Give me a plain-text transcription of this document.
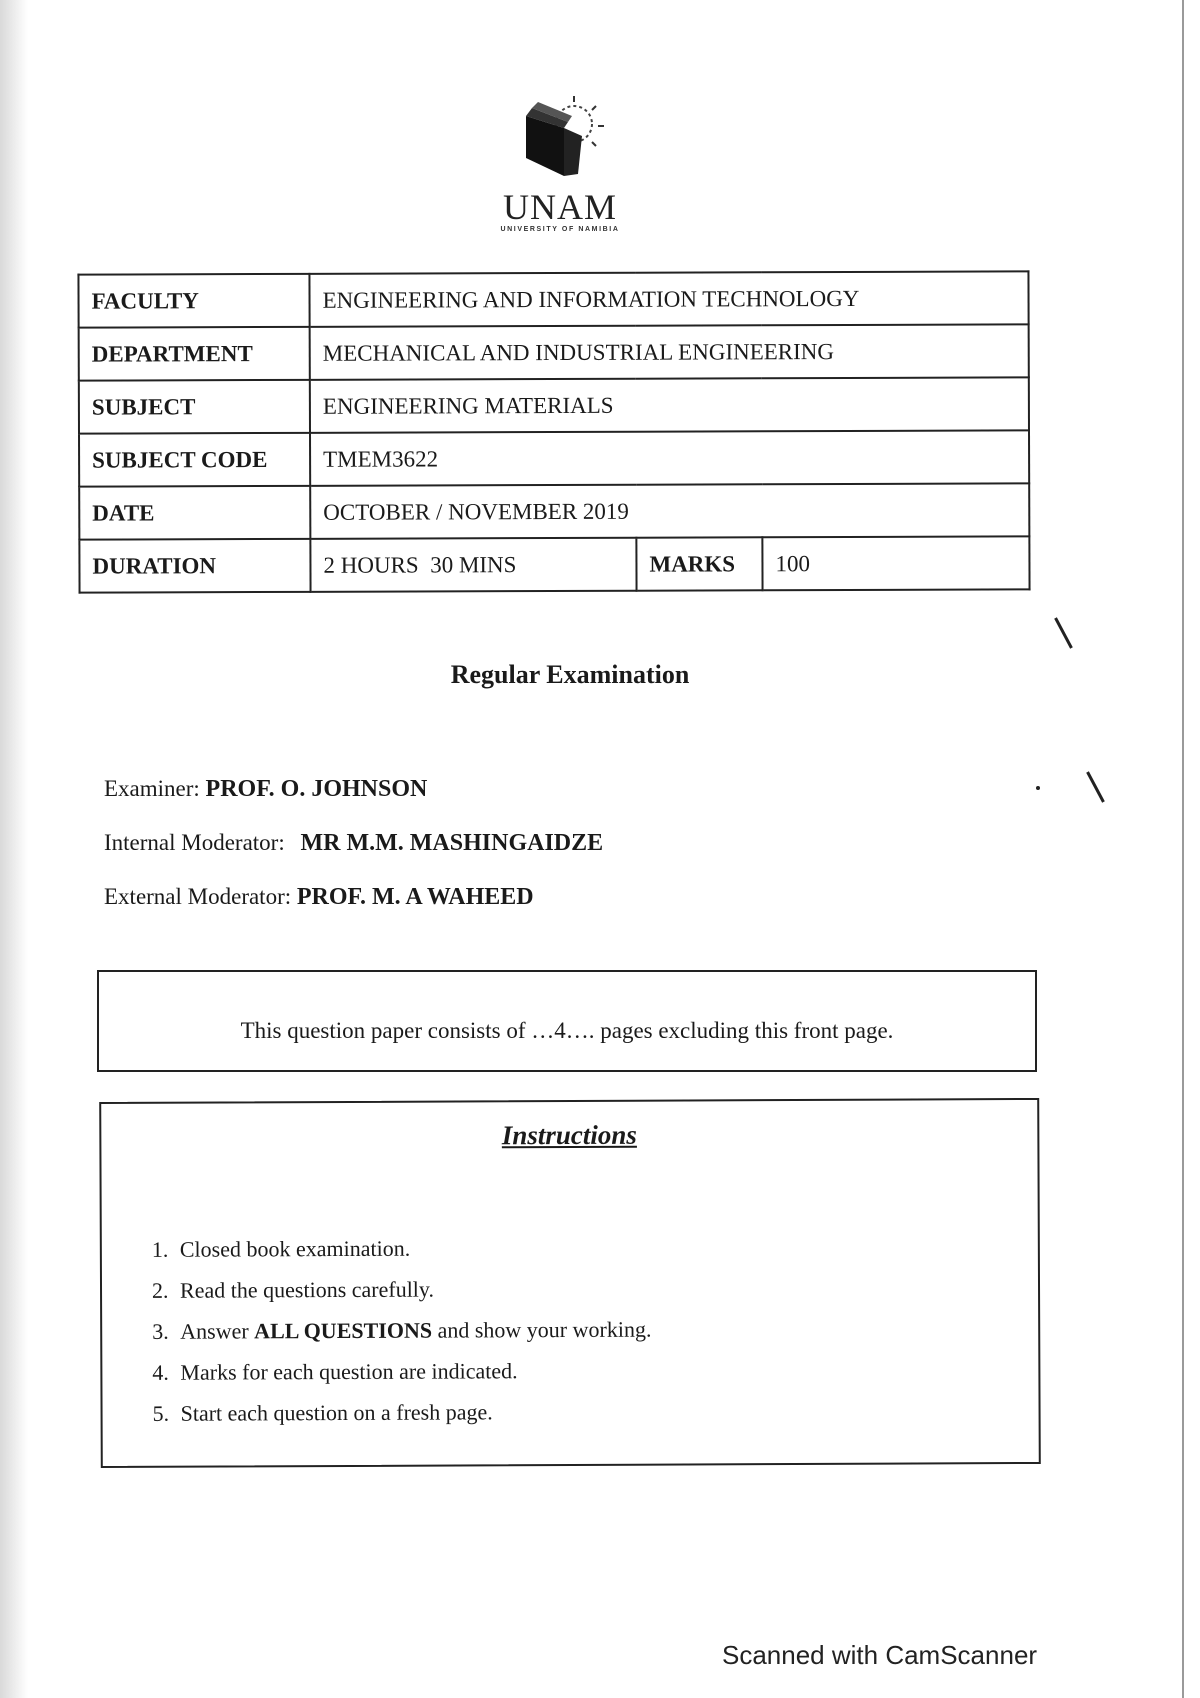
UNAM
UNIVERSITY OF NAMIBIA
FACULTY	ENGINEERING AND INFORMATION TECHNOLOGY		
DEPARTMENT	MECHANICAL AND INDUSTRIAL ENGINEERING		
SUBJECT	ENGINEERING MATERIALS		
SUBJECT CODE	TMEM3622		
DATE	OCTOBER / NOVEMBER 2019		
DURATION	2 HOURS  30 MINS	MARKS	100
Regular Examination
Examiner: PROF. O. JOHNSON
Internal Moderator: MR M.M. MASHINGAIDZE
External Moderator: PROF. M. A WAHEED
This question paper consists of …4…. pages excluding this front page.
Instructions
1. Closed book examination.
2. Read the questions carefully.
3. Answer ALL QUESTIONS and show your working.
4. Marks for each question are indicated.
5. Start each question on a fresh page.
Scanned with CamScanner
